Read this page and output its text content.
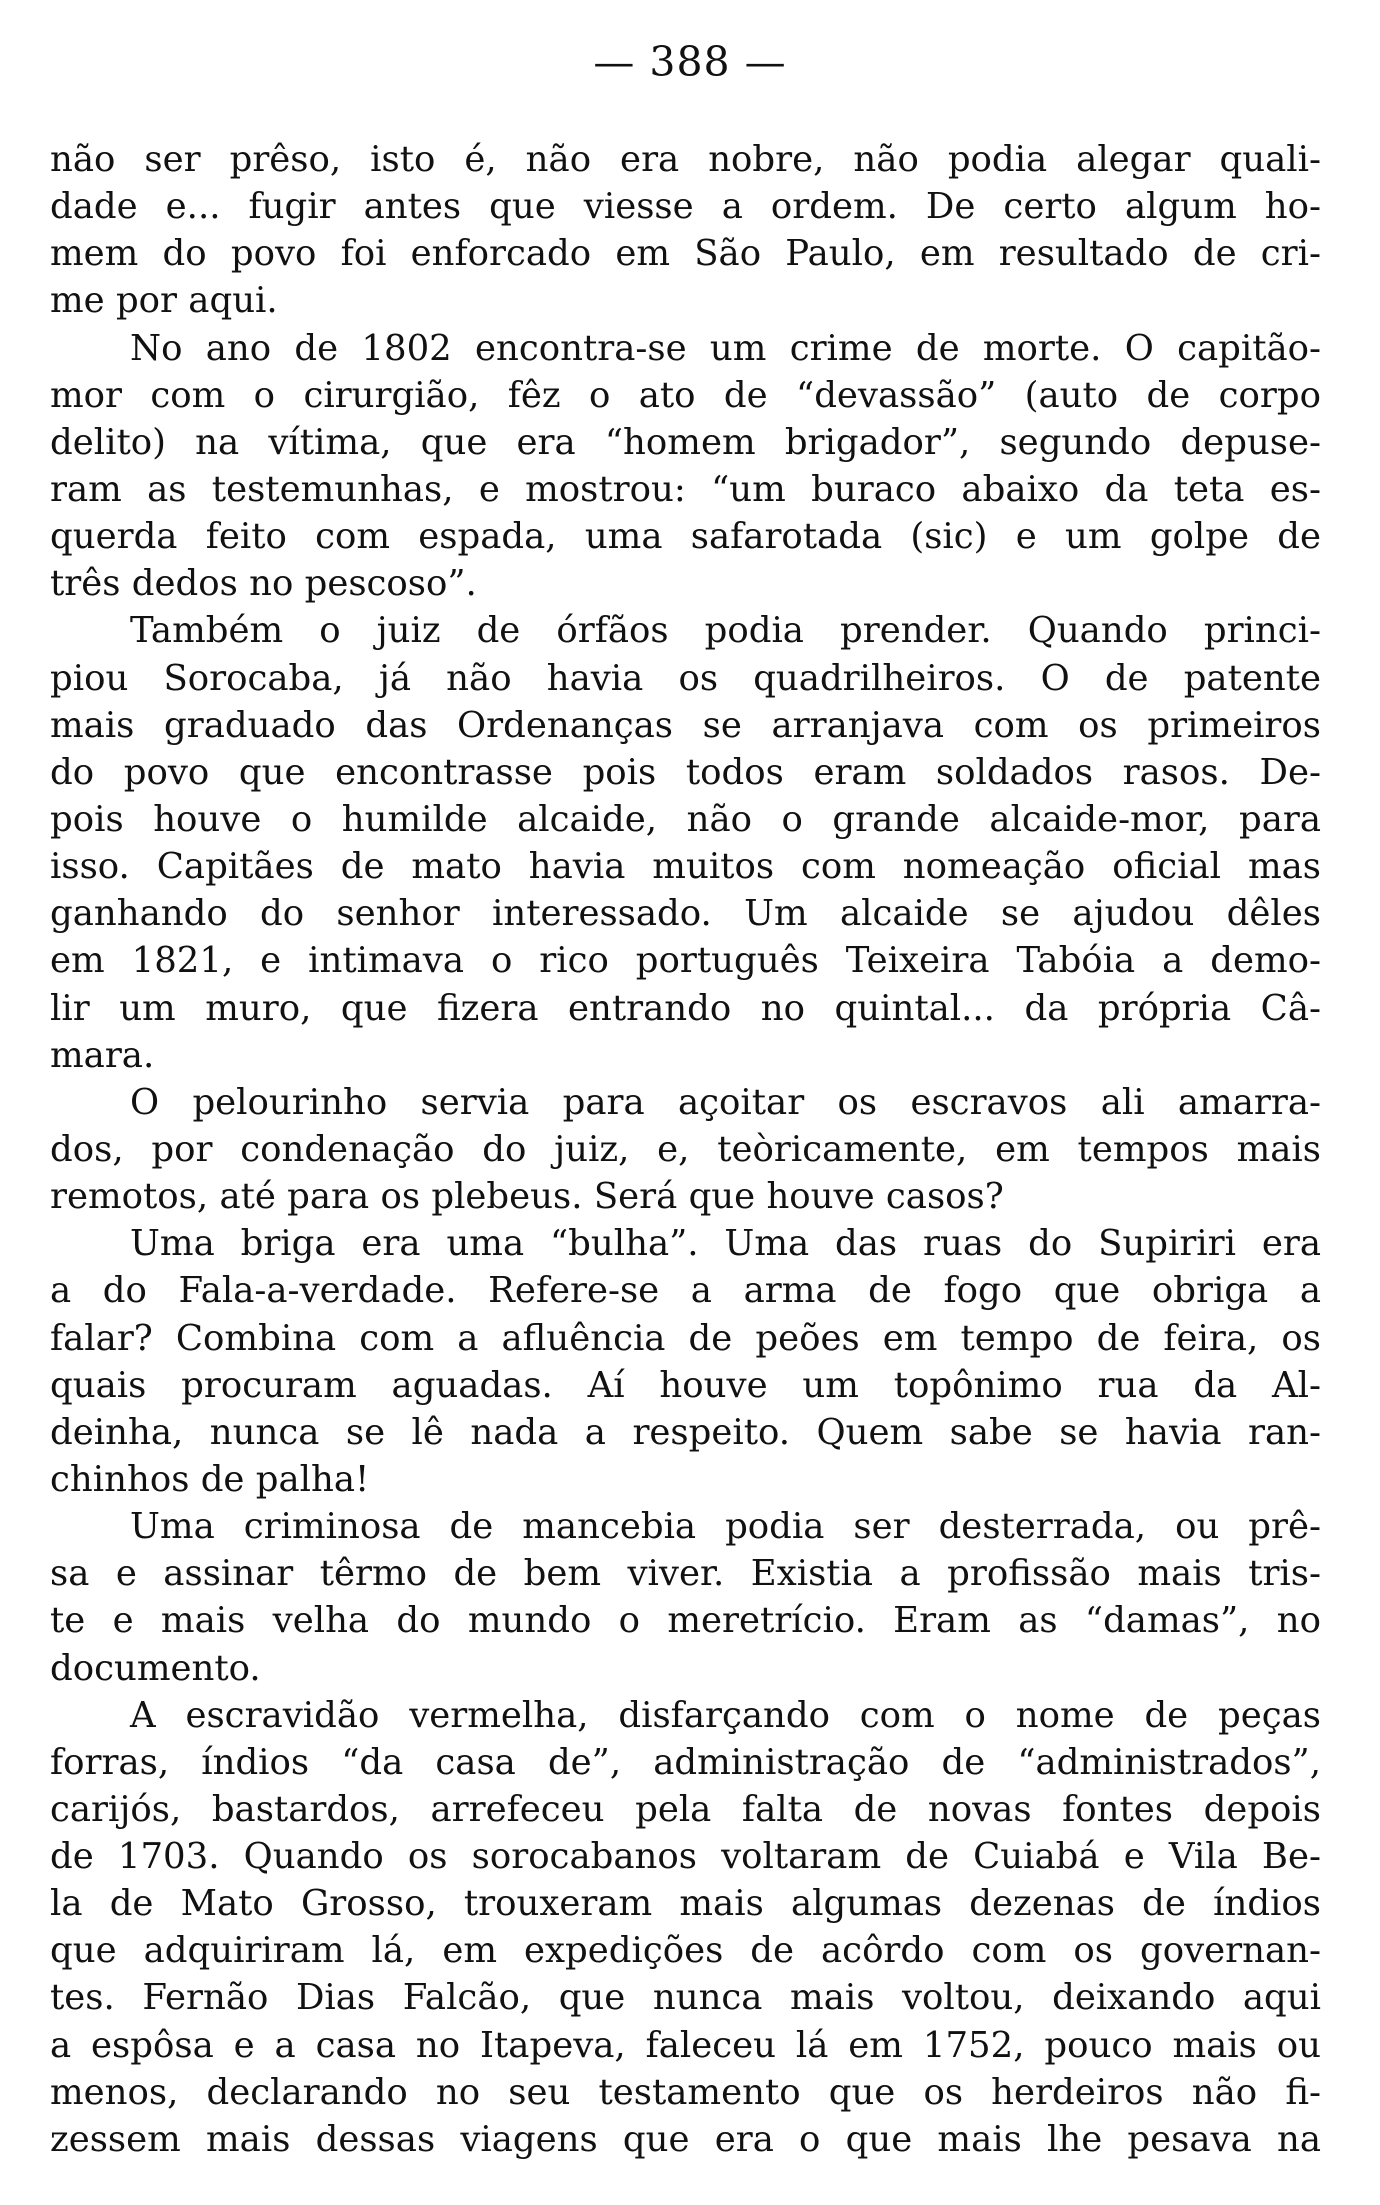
— 388 —
não ser prêso, isto é, não era nobre, não podia alegar quali-
dade e... fugir antes que viesse a ordem. De certo algum ho-
mem do povo foi enforcado em São Paulo, em resultado de cri-
me por aqui.
No ano de 1802 encontra-se um crime de morte. O capitão-
mor com o cirurgião, fêz o ato de “devassão” (auto de corpo
delito) na vítima, que era “homem brigador”, segundo depuse-
ram as testemunhas, e mostrou: “um buraco abaixo da teta es-
querda feito com espada, uma safarotada (sic) e um golpe de
três dedos no pescoso”.
Também o juiz de órfãos podia prender. Quando princi-
piou Sorocaba, já não havia os quadrilheiros. O de patente
mais graduado das Ordenanças se arranjava com os primeiros
do povo que encontrasse pois todos eram soldados rasos. De-
pois houve o humilde alcaide, não o grande alcaide-mor, para
isso. Capitães de mato havia muitos com nomeação oficial mas
ganhando do senhor interessado. Um alcaide se ajudou dêles
em 1821, e intimava o rico português Teixeira Tabóia a demo-
lir um muro, que fizera entrando no quintal... da própria Câ-
mara.
O pelourinho servia para açoitar os escravos ali amarra-
dos, por condenação do juiz, e, teòricamente, em tempos mais
remotos, até para os plebeus. Será que houve casos?
Uma briga era uma “bulha”. Uma das ruas do Supiriri era
a do Fala-a-verdade. Refere-se a arma de fogo que obriga a
falar? Combina com a afluência de peões em tempo de feira, os
quais procuram aguadas. Aí houve um topônimo rua da Al-
deinha, nunca se lê nada a respeito. Quem sabe se havia ran-
chinhos de palha!
Uma criminosa de mancebia podia ser desterrada, ou prê-
sa e assinar têrmo de bem viver. Existia a profissão mais tris-
te e mais velha do mundo o meretrício. Eram as “damas”, no
documento.
A escravidão vermelha, disfarçando com o nome de peças
forras, índios “da casa de”, administração de “administrados”,
carijós, bastardos, arrefeceu pela falta de novas fontes depois
de 1703. Quando os sorocabanos voltaram de Cuiabá e Vila Be-
la de Mato Grosso, trouxeram mais algumas dezenas de índios
que adquiriram lá, em expedições de acôrdo com os governan-
tes. Fernão Dias Falcão, que nunca mais voltou, deixando aqui
a espôsa e a casa no Itapeva, faleceu lá em 1752, pouco mais ou
menos, declarando no seu testamento que os herdeiros não fi-
zessem mais dessas viagens que era o que mais lhe pesava na
